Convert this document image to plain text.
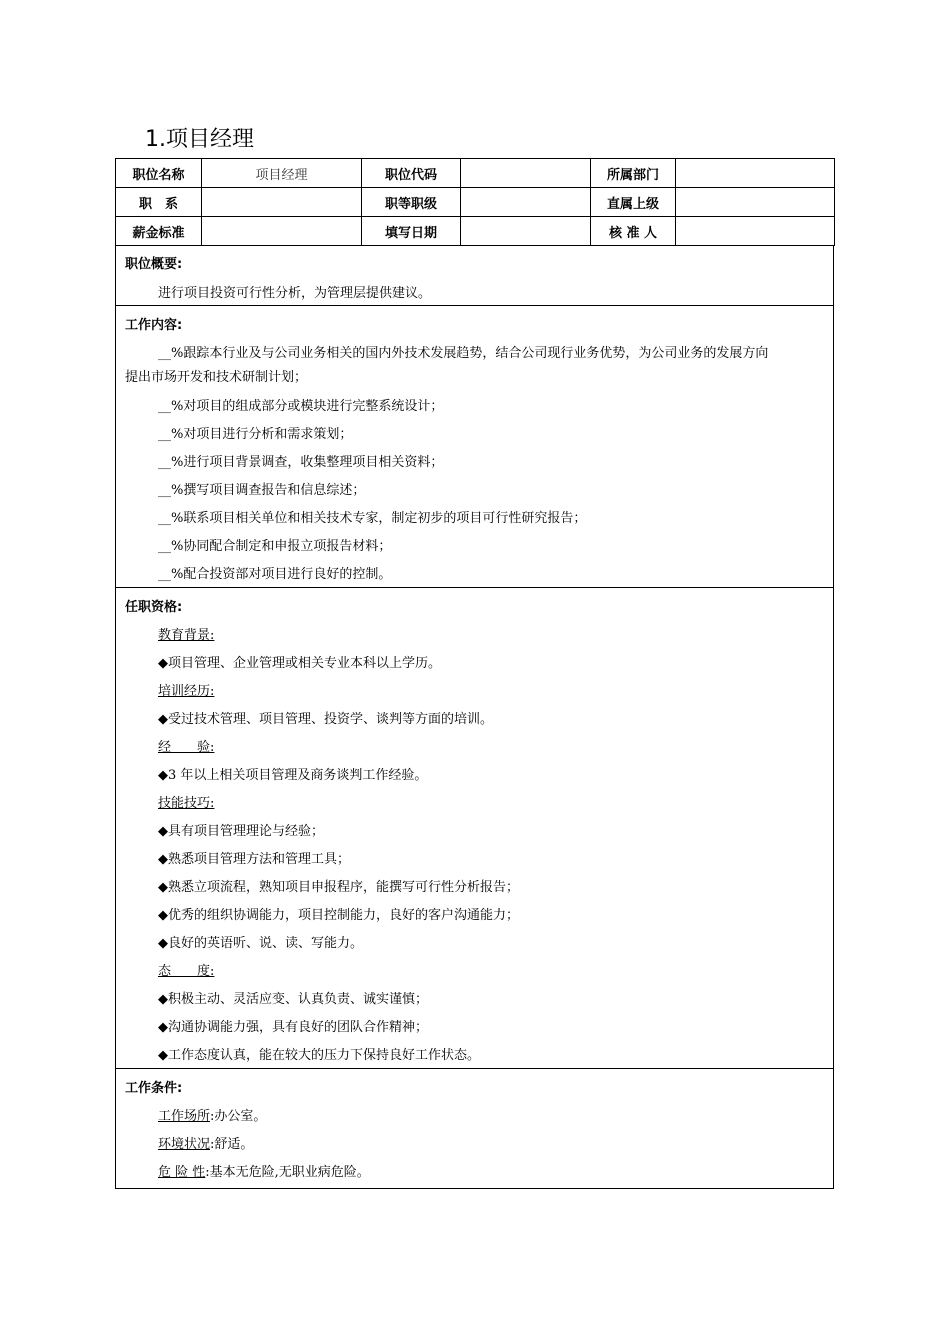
1.项目经理
职位名称	项目经理	职位代码		所属部门	
职　系		职等职级		直属上级	
薪金标准		填写日期		核 准 人	
职位概要:
进行项目投资可行性分析，为管理层提供建议。
工作内容:
__%跟踪本行业及与公司业务相关的国内外技术发展趋势，结合公司现行业务优势，为公司业务的发展方向
提出市场开发和技术研制计划；
__%对项目的组成部分或模块进行完整系统设计；
__%对项目进行分析和需求策划；
__%进行项目背景调查，收集整理项目相关资料；
__%撰写项目调查报告和信息综述；
__%联系项目相关单位和相关技术专家，制定初步的项目可行性研究报告；
__%协同配合制定和申报立项报告材料；
__%配合投资部对项目进行良好的控制。
任职资格:
教育背景:
◆项目管理、企业管理或相关专业本科以上学历。
培训经历:
◆受过技术管理、项目管理、投资学、谈判等方面的培训。
经　　验:
◆3 年以上相关项目管理及商务谈判工作经验。
技能技巧:
◆具有项目管理理论与经验；
◆熟悉项目管理方法和管理工具；
◆熟悉立项流程，熟知项目申报程序，能撰写可行性分析报告；
◆优秀的组织协调能力，项目控制能力，良好的客户沟通能力；
◆良好的英语听、说、读、写能力。
态　　度:
◆积极主动、灵活应变、认真负责、诚实谨慎；
◆沟通协调能力强，具有良好的团队合作精神；
◆工作态度认真，能在较大的压力下保持良好工作状态。
工作条件:
工作场所:办公室。
环境状况:舒适。
危 险 性:基本无危险,无职业病危险。
